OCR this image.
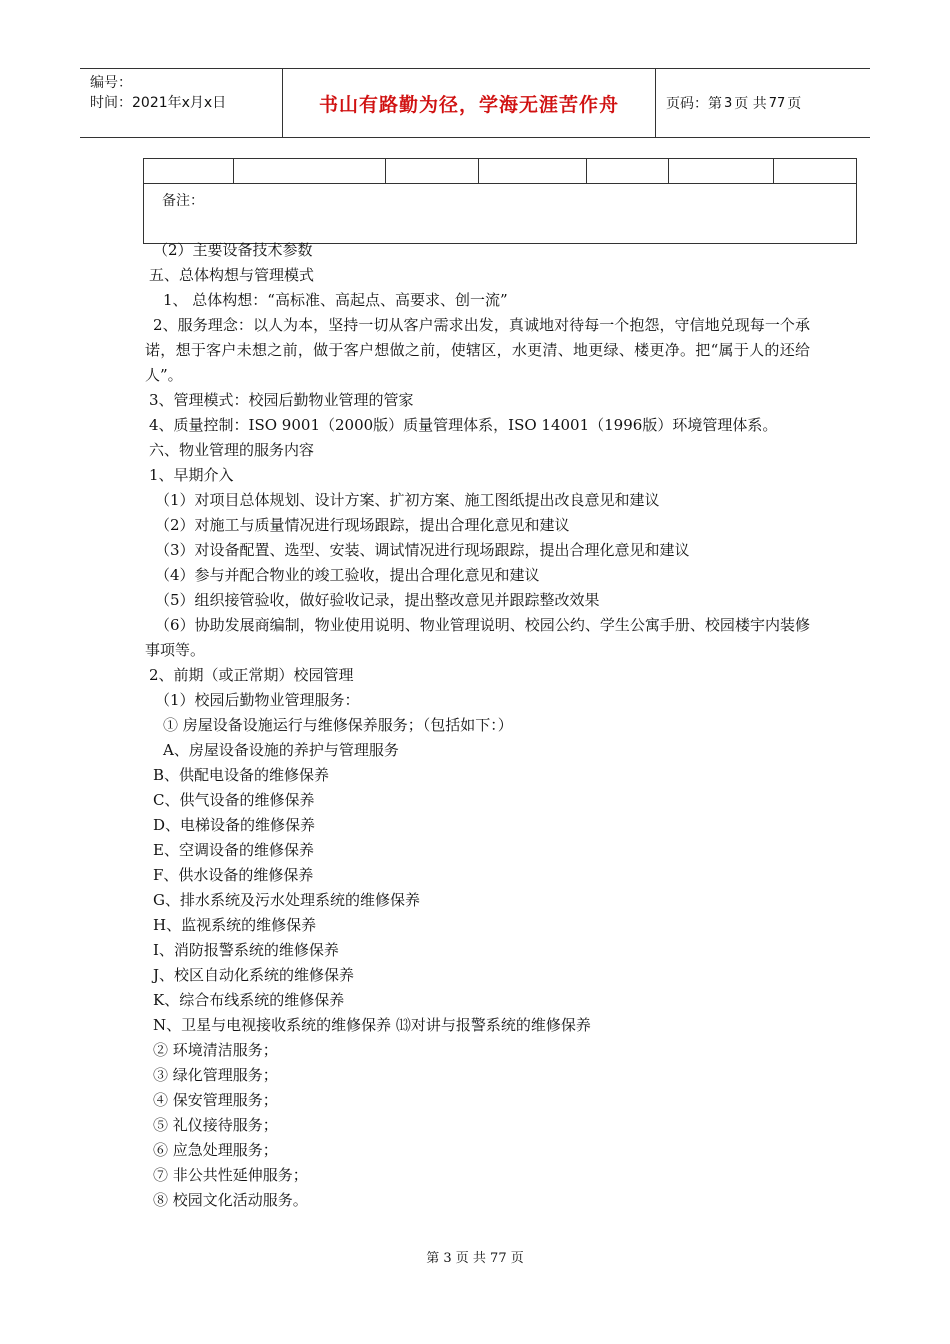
编号：
时间：2021年x月x日	书山有路勤为径，学海无涯苦作舟	页码：第 3 页 共 77 页

备注：
（2）主要设备技术参数
五、总体构想与管理模式
1、 总体构想：“高标准、高起点、高要求、创一流”
2、服务理念：以人为本，坚持一切从客户需求出发，真诚地对待每一个抱怨，守信地兑现每一个承诺，想于客户未想之前，做于客户想做之前，使辖区，水更清、地更绿、楼更净。把“属于人的还给人”。
3、管理模式：校园后勤物业管理的管家
4、质量控制：ISO 9001（2000版）质量管理体系，ISO 14001（1996版）环境管理体系。
六、物业管理的服务内容
1、早期介入
（1）对项目总体规划、设计方案、扩初方案、施工图纸提出改良意见和建议
（2）对施工与质量情况进行现场跟踪，提出合理化意见和建议
（3）对设备配置、选型、安装、调试情况进行现场跟踪，提出合理化意见和建议
（4）参与并配合物业的竣工验收，提出合理化意见和建议
（5）组织接管验收，做好验收记录，提出整改意见并跟踪整改效果
（6）协助发展商编制，物业使用说明、物业管理说明、校园公约、学生公寓手册、校园楼宇内装修事项等。
2、前期（或正常期）校园管理
（1）校园后勤物业管理服务：
① 房屋设备设施运行与维修保养服务；（包括如下：）
A、房屋设备设施的养护与管理服务
B、供配电设备的维修保养
C、供气设备的维修保养
D、电梯设备的维修保养
E、空调设备的维修保养
F、供水设备的维修保养
G、排水系统及污水处理系统的维修保养
H、监视系统的维修保养
I、消防报警系统的维修保养
J、校区自动化系统的维修保养
K、综合布线系统的维修保养
N、卫星与电视接收系统的维修保养 ⒀对讲与报警系统的维修保养
② 环境清洁服务；
③ 绿化管理服务；
④ 保安管理服务；
⑤ 礼仪接待服务；
⑥ 应急处理服务；
⑦ 非公共性延伸服务；
⑧ 校园文化活动服务。
第 3 页 共 77 页
